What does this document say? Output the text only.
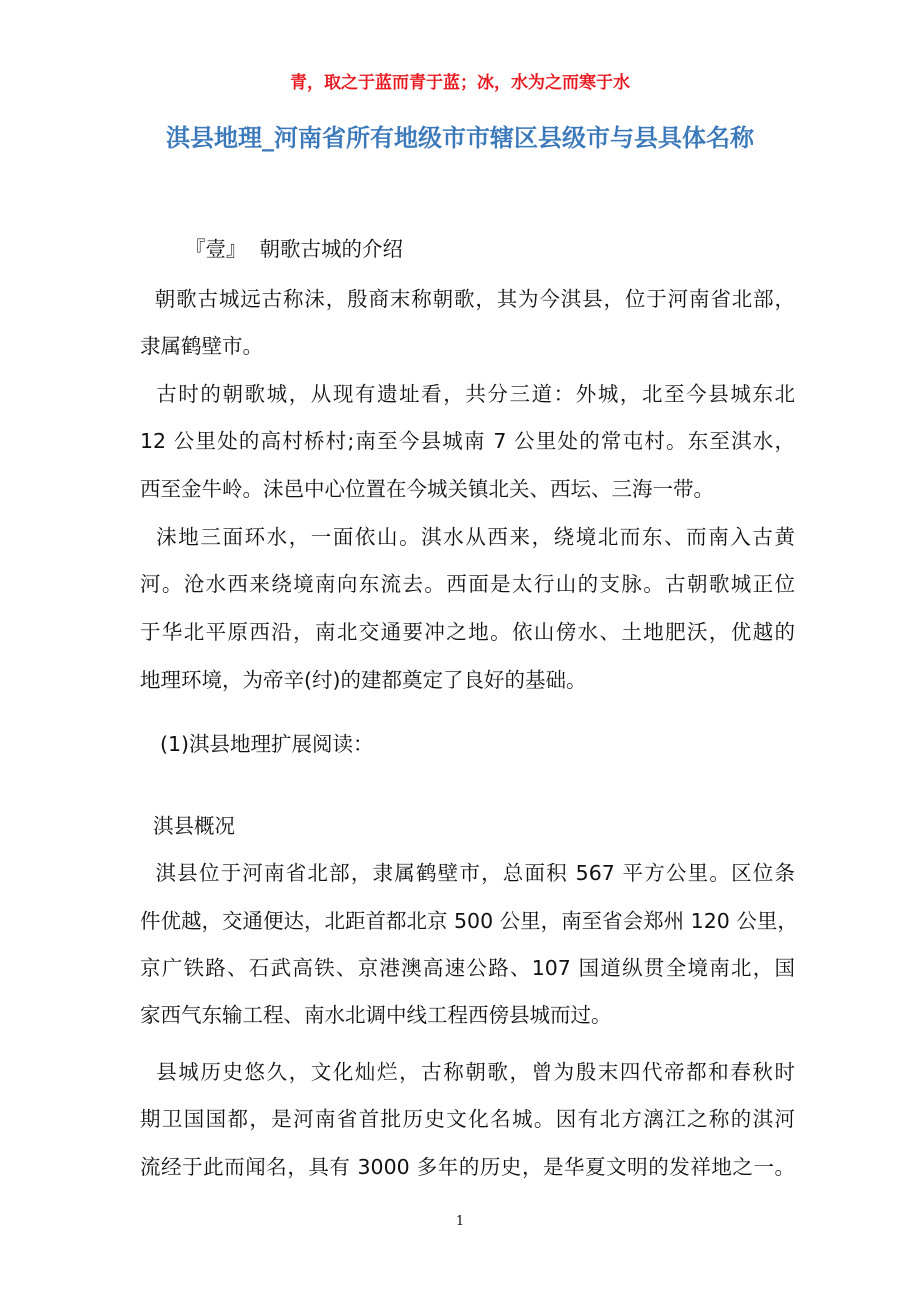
青，取之于蓝而青于蓝；冰，水为之而寒于水
淇县地理_河南省所有地级市市辖区县级市与县具体名称
『壹』  朝歌古城的介绍
朝歌古城远古称沬，殷商末称朝歌，其为今淇县，位于河南省北部，
隶属鹤壁市。
古时的朝歌城，从现有遗址看，共分三道：外城，北至今县城东北
12 公里处的高村桥村;南至今县城南 7 公里处的常屯村。东至淇水，
西至金牛岭。沬邑中心位置在今城关镇北关、西坛、三海一带。
沬地三面环水，一面依山。淇水从西来，绕境北而东、而南入古黄
河。沧水西来绕境南向东流去。西面是太行山的支脉。古朝歌城正位
于华北平原西沿，南北交通要冲之地。依山傍水、土地肥沃，优越的
地理环境，为帝辛(纣)的建都奠定了良好的基础。
(1)淇县地理扩展阅读：
淇县概况
淇县位于河南省北部，隶属鹤壁市，总面积 567 平方公里。区位条
件优越，交通便达，北距首都北京 500 公里，南至省会郑州 120 公里，
京广铁路、石武高铁、京港澳高速公路、107 国道纵贯全境南北，国
家西气东输工程、南水北调中线工程西傍县城而过。
县城历史悠久，文化灿烂，古称朝歌，曾为殷末四代帝都和春秋时
期卫国国都，是河南省首批历史文化名城。因有北方漓江之称的淇河
流经于此而闻名，具有 3000 多年的历史，是华夏文明的发祥地之一。
1
